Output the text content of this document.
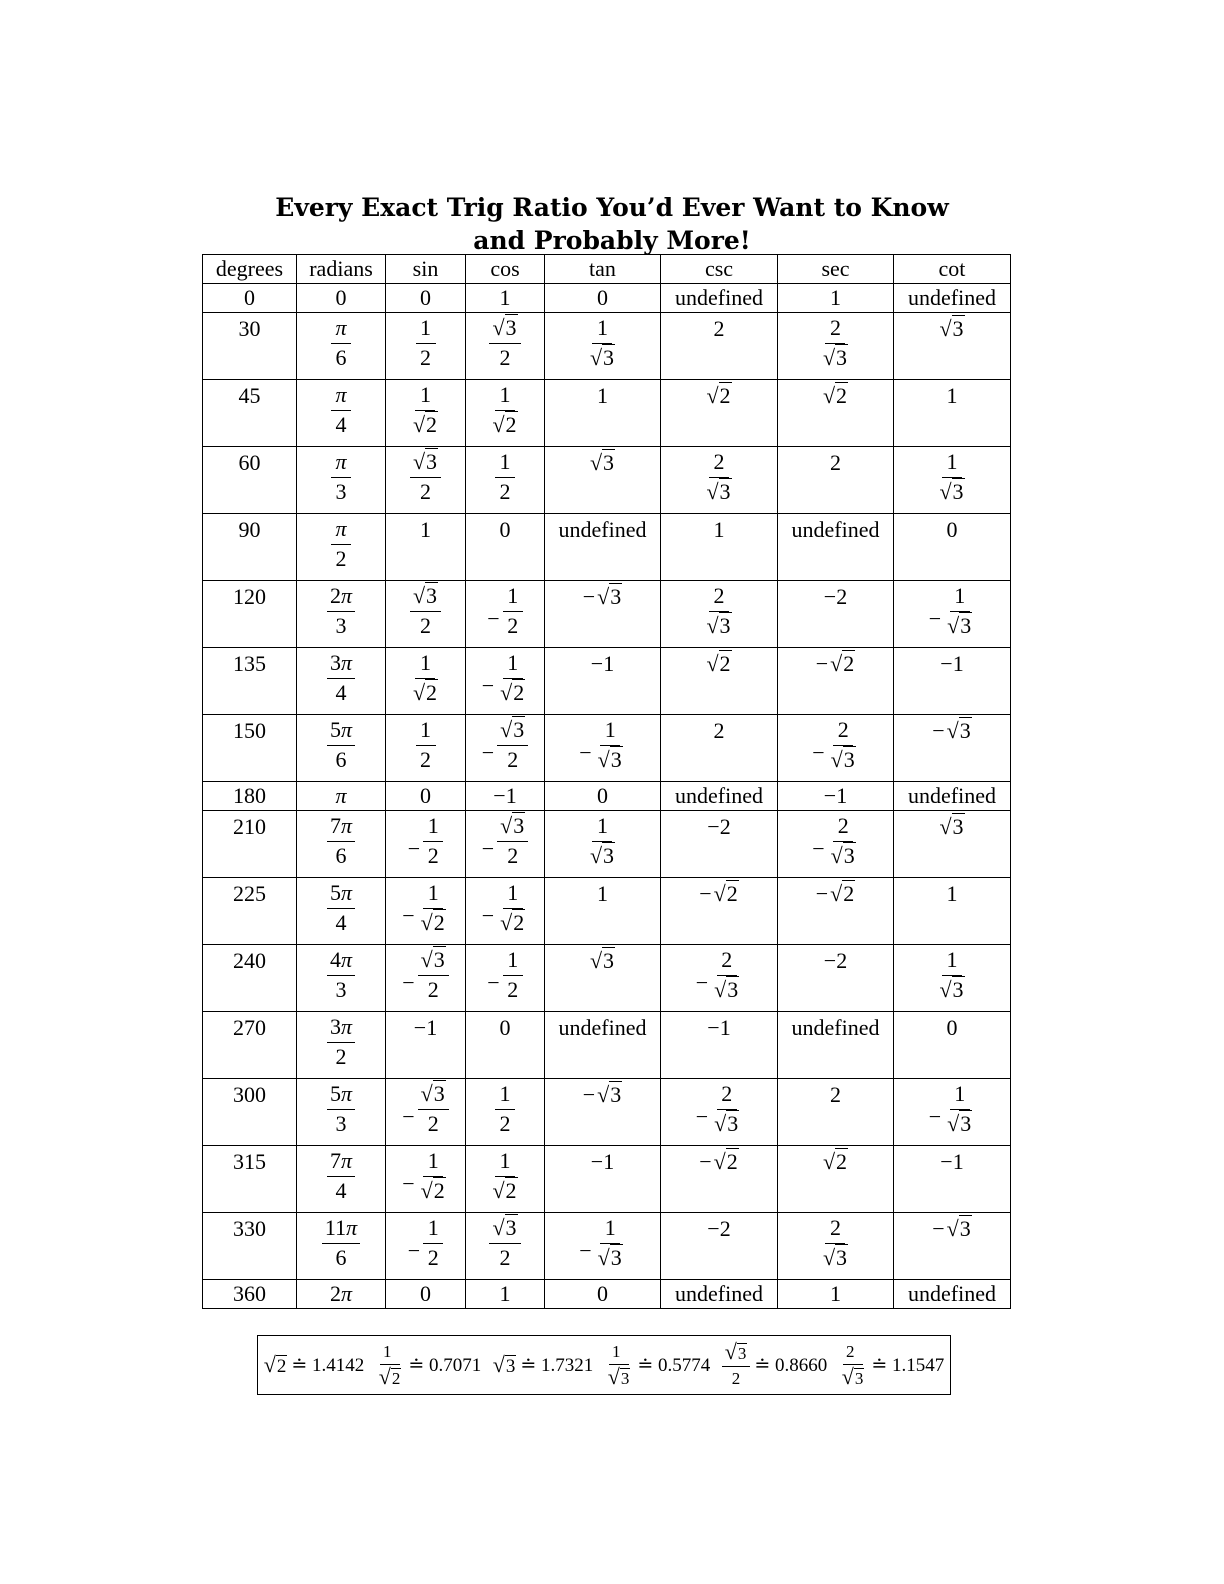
Every Exact Trig Ratio You’d Ever Want to Know
and Probably More!
degrees	radians	sin	cos	tan	csc	sec	cot

0	0	0	1	0	undefined	1	undefined

30	$\frac{\pi}{6}$	$\frac{1}{2}$	$\frac{√3}{2}$	$\frac{1}{√3}$	2	$\frac{2}{√3}$	√3

45	$\frac{\pi}{4}$	$\frac{1}{√2}$	$\frac{1}{√2}$	1	√2	√2	1

60	$\frac{\pi}{3}$	$\frac{√3}{2}$	$\frac{1}{2}$	√3	$\frac{2}{√3}$	2	$\frac{1}{√3}$

90	$\frac{\pi}{2}$	1	0	undefined	1	undefined	0

120	$\frac{2\pi}{3}$	$\frac{√3}{2}$	− $\frac{1}{2}$	−√3	$\frac{2}{√3}$	−2	− $\frac{1}{√3}$

135	$\frac{3\pi}{4}$	$\frac{1}{√2}$	− $\frac{1}{√2}$	−1	√2	−√2	−1

150	$\frac{5\pi}{6}$	$\frac{1}{2}$	− $\frac{√3}{2}$	− $\frac{1}{√3}$	2	− $\frac{2}{√3}$	−√3

180	π	0	−1	0	undefined	−1	undefined

210	$\frac{7\pi}{6}$	− $\frac{1}{2}$	− $\frac{√3}{2}$	$\frac{1}{√3}$	−2	− $\frac{2}{√3}$	√3

225	$\frac{5\pi}{4}$	− $\frac{1}{√2}$	− $\frac{1}{√2}$	1	−√2	−√2	1

240	$\frac{4\pi}{3}$	− $\frac{√3}{2}$	− $\frac{1}{2}$	√3	− $\frac{2}{√3}$	−2	$\frac{1}{√3}$

270	$\frac{3\pi}{2}$	−1	0	undefined	−1	undefined	0

300	$\frac{5\pi}{3}$	− $\frac{√3}{2}$	$\frac{1}{2}$	−√3	− $\frac{2}{√3}$	2	− $\frac{1}{√3}$

315	$\frac{7\pi}{4}$	− $\frac{1}{√2}$	$\frac{1}{√2}$	−1	−√2	√2	−1

330	$\frac{11\pi}{6}$	− $\frac{1}{2}$	$\frac{√3}{2}$	− $\frac{1}{√3}$	−2	$\frac{2}{√3}$	−√3

360	2π	0	1	0	undefined	1	undefined
√2 ≐ $1.4142 \frac{1}{√2}$ ≐ 0.7071 √3 ≐ $1.7321 \frac{1}{√3}$ ≐ $0.5774 \frac{√3}{2}$ ≐ $0.8660 \frac{2}{√3}$ ≐ 1.1547
